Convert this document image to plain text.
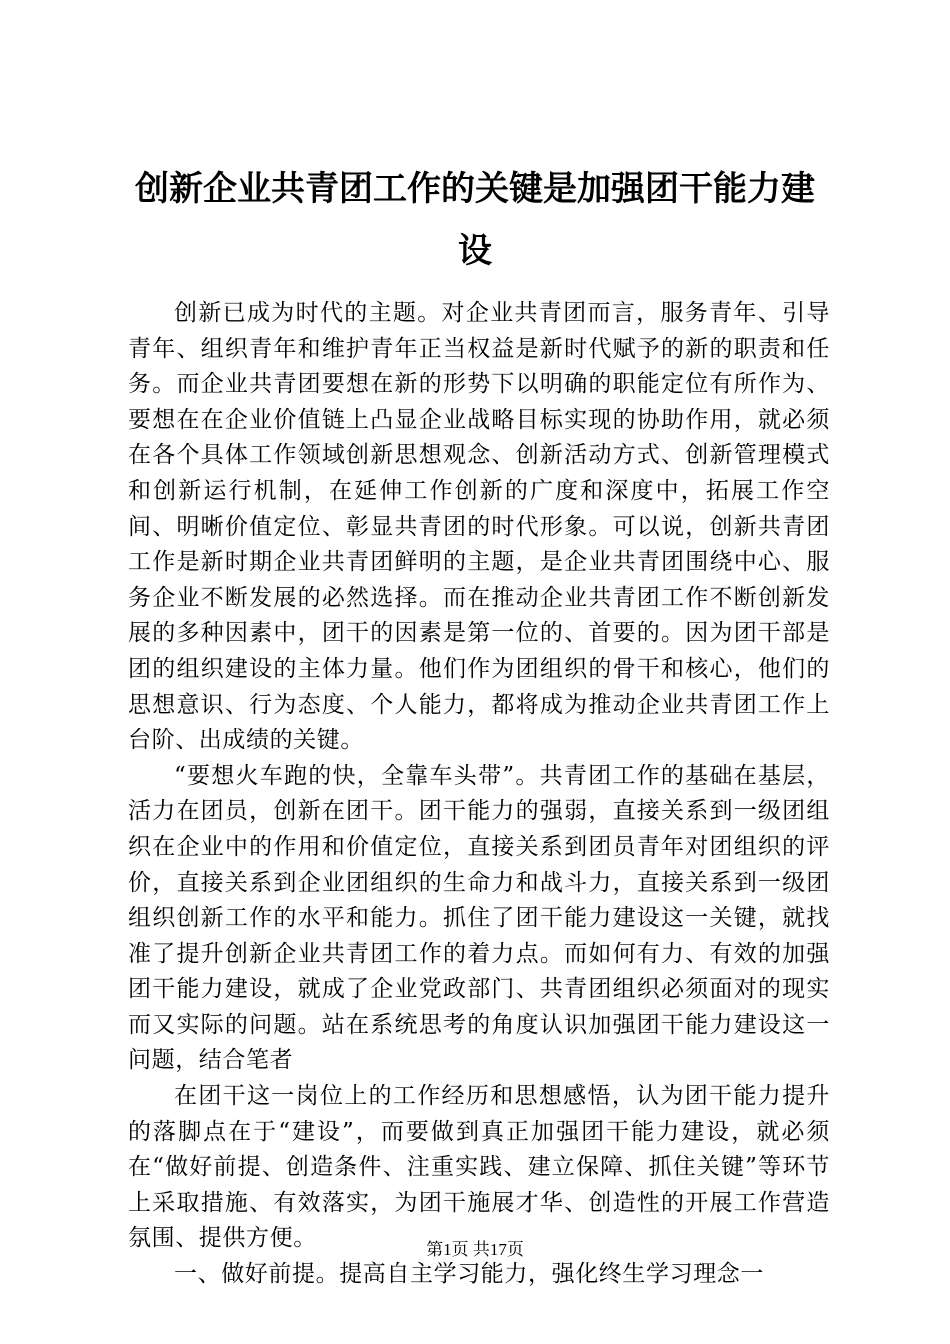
创新企业共青团工作的关键是加强团干能力建设

创新已成为时代的主题。对企业共青团而言，服务青年、引导青年、组织青年和维护青年正当权益是新时代赋予的新的职责和任务。而企业共青团要想在新的形势下以明确的职能定位有所作为、要想在在企业价值链上凸显企业战略目标实现的协助作用，就必须在各个具体工作领域创新思想观念、创新活动方式、创新管理模式和创新运行机制，在延伸工作创新的广度和深度中，拓展工作空间、明晰价值定位、彰显共青团的时代形象。可以说，创新共青团工作是新时期企业共青团鲜明的主题，是企业共青团围绕中心、服务企业不断发展的必然选择。而在推动企业共青团工作不断创新发展的多种因素中，团干的因素是第一位的、首要的。因为团干部是团的组织建设的主体力量。他们作为团组织的骨干和核心，他们的思想意识、行为态度、个人能力，都将成为推动企业共青团工作上台阶、出成绩的关键。

“要想火车跑的快，全靠车头带”。共青团工作的基础在基层，活力在团员，创新在团干。团干能力的强弱，直接关系到一级团组织在企业中的作用和价值定位，直接关系到团员青年对团组织的评价，直接关系到企业团组织的生命力和战斗力，直接关系到一级团组织创新工作的水平和能力。抓住了团干能力建设这一关键，就找准了提升创新企业共青团工作的着力点。而如何有力、有效的加强团干能力建设，就成了企业党政部门、共青团组织必须面对的现实而又实际的问题。站在系统思考的角度认识加强团干能力建设这一问题，结合笔者

在团干这一岗位上的工作经历和思想感悟，认为团干能力提升的落脚点在于“建设”，而要做到真正加强团干能力建设，就必须在“做好前提、创造条件、注重实践、建立保障、抓住关键”等环节上采取措施、有效落实，为团干施展才华、创造性的开展工作营造氛围、提供方便。

一、做好前提。提高自主学习能力，强化终生学习理念一

第1页 共17页
